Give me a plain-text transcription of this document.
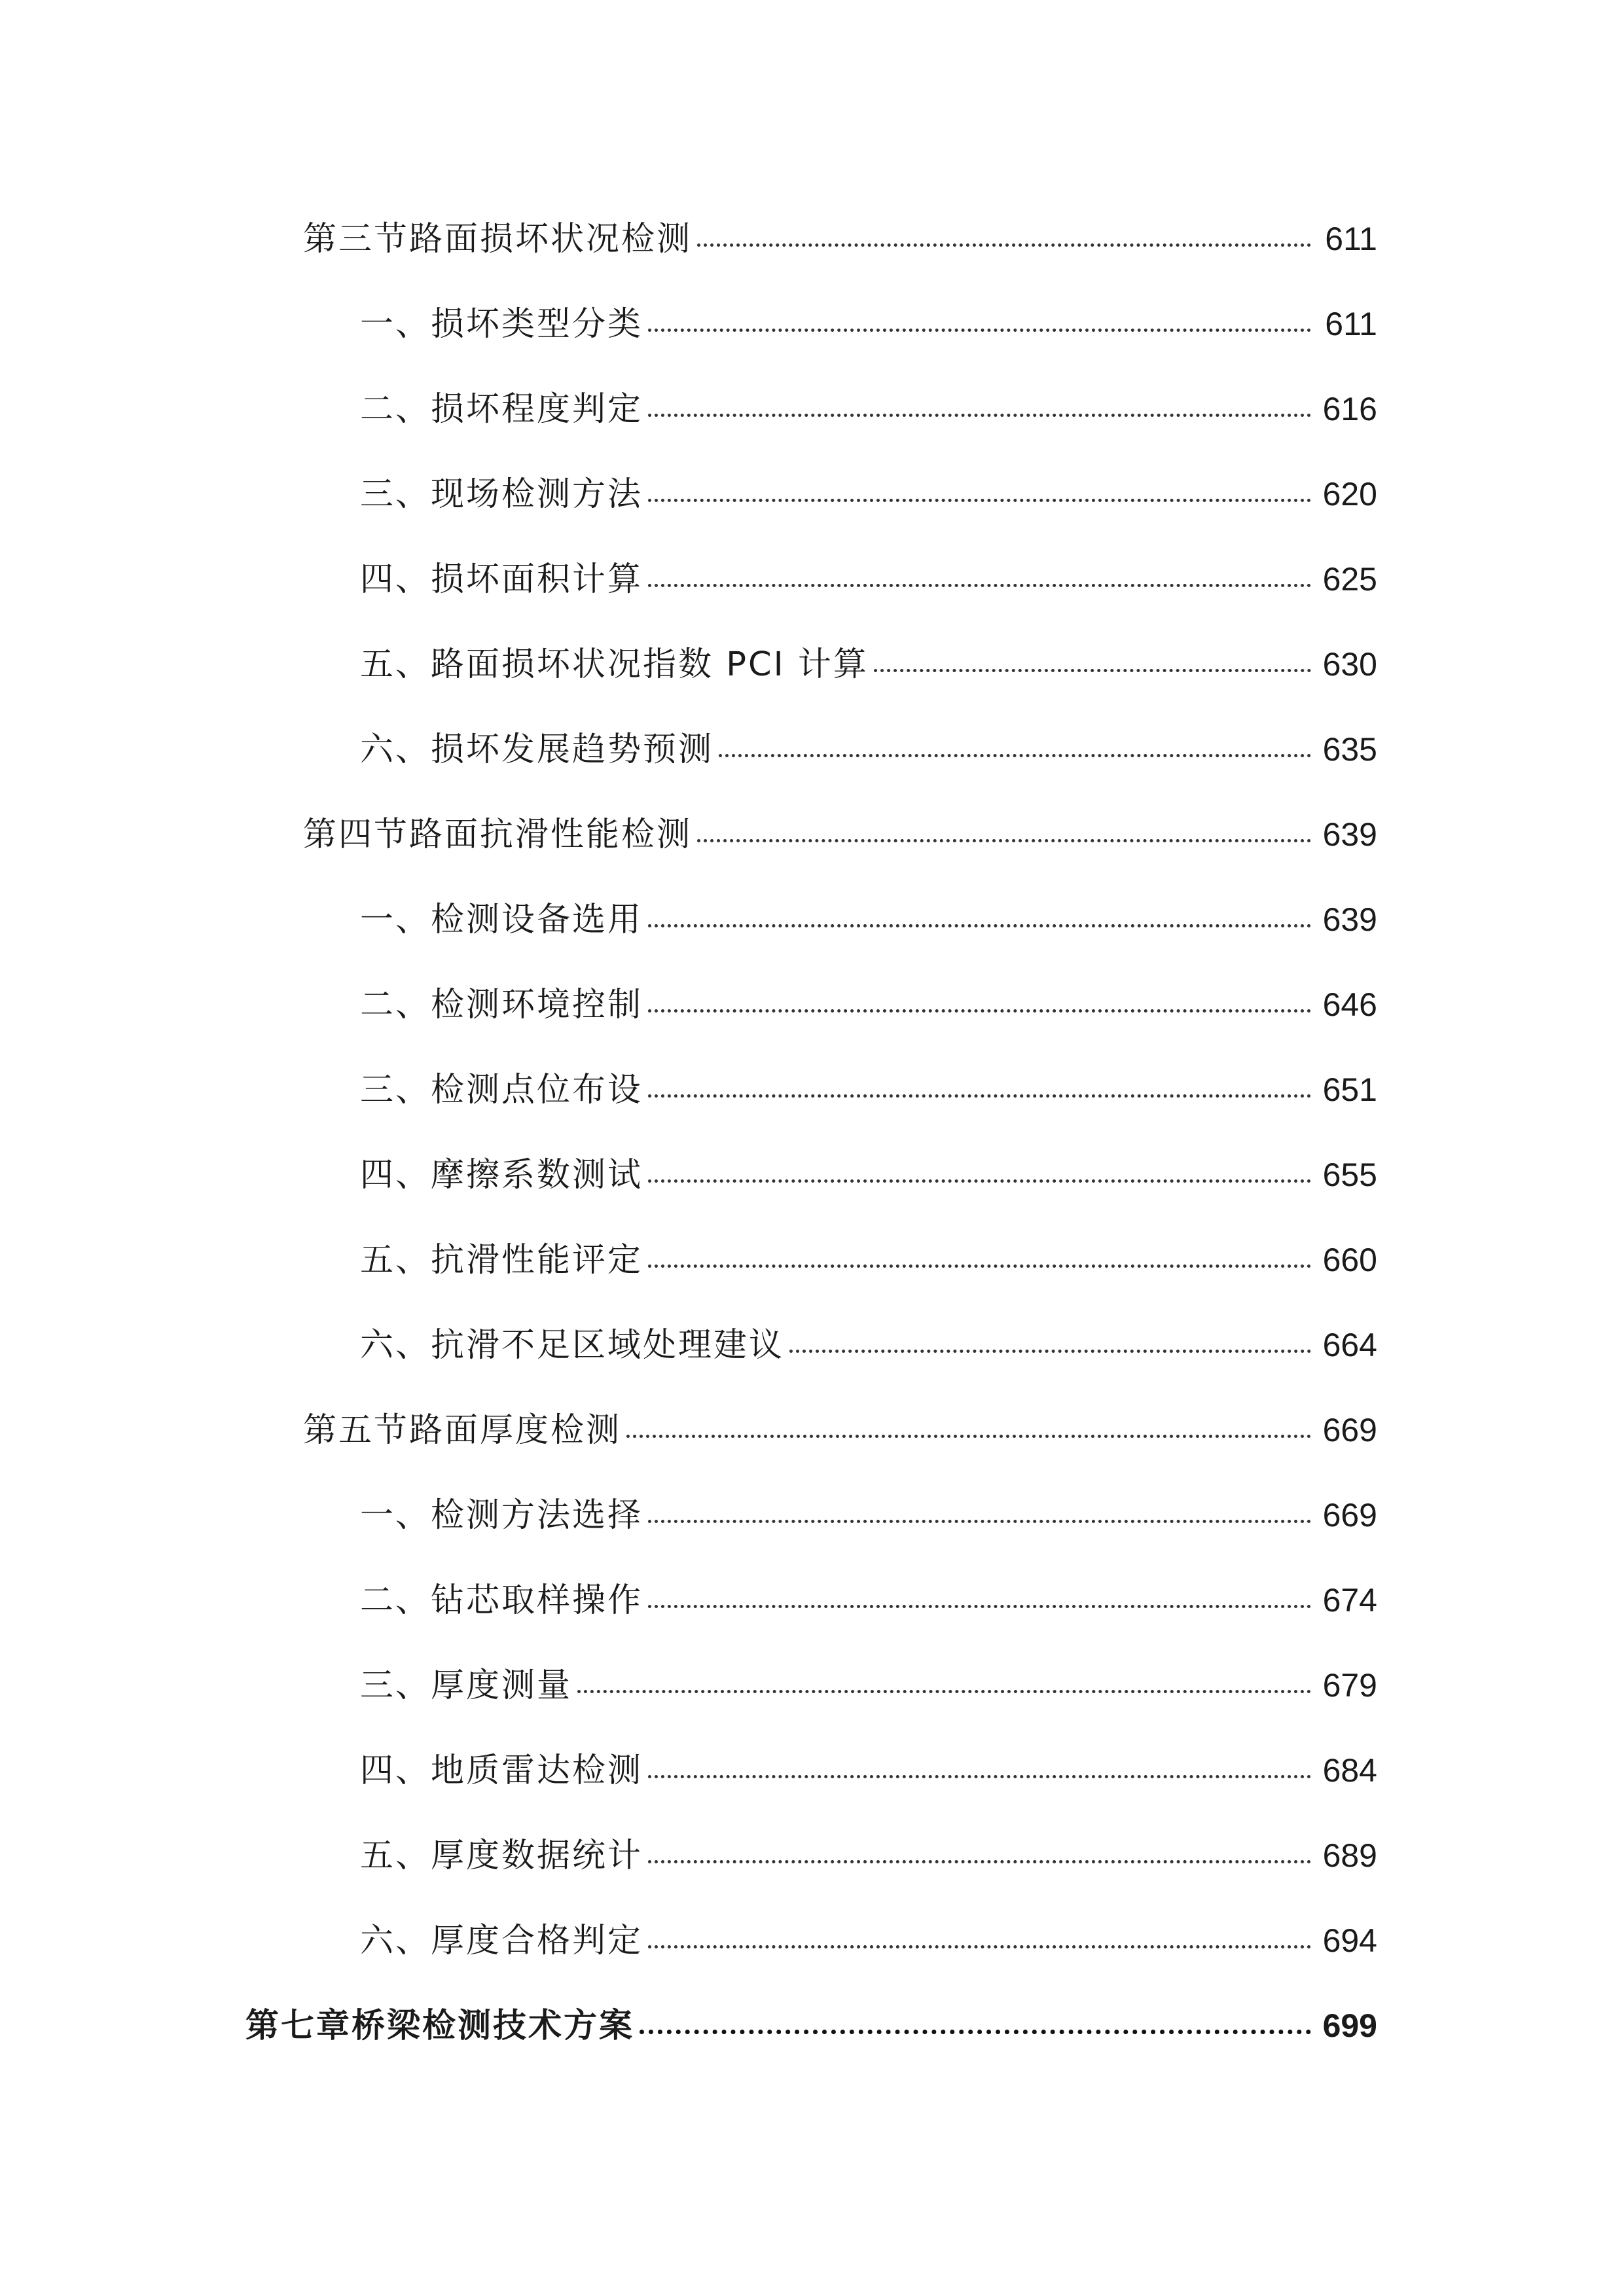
第三节路面损坏状况检测	611
一、损坏类型分类	611
二、损坏程度判定	616
三、现场检测方法	620
四、损坏面积计算	625
五、路面损坏状况指数 PCI 计算	630
六、损坏发展趋势预测	635
第四节路面抗滑性能检测	639
一、检测设备选用	639
二、检测环境控制	646
三、检测点位布设	651
四、摩擦系数测试	655
五、抗滑性能评定	660
六、抗滑不足区域处理建议	664
第五节路面厚度检测	669
一、检测方法选择	669
二、钻芯取样操作	674
三、厚度测量	679
四、地质雷达检测	684
五、厚度数据统计	689
六、厚度合格判定	694
第七章桥梁检测技术方案	699
